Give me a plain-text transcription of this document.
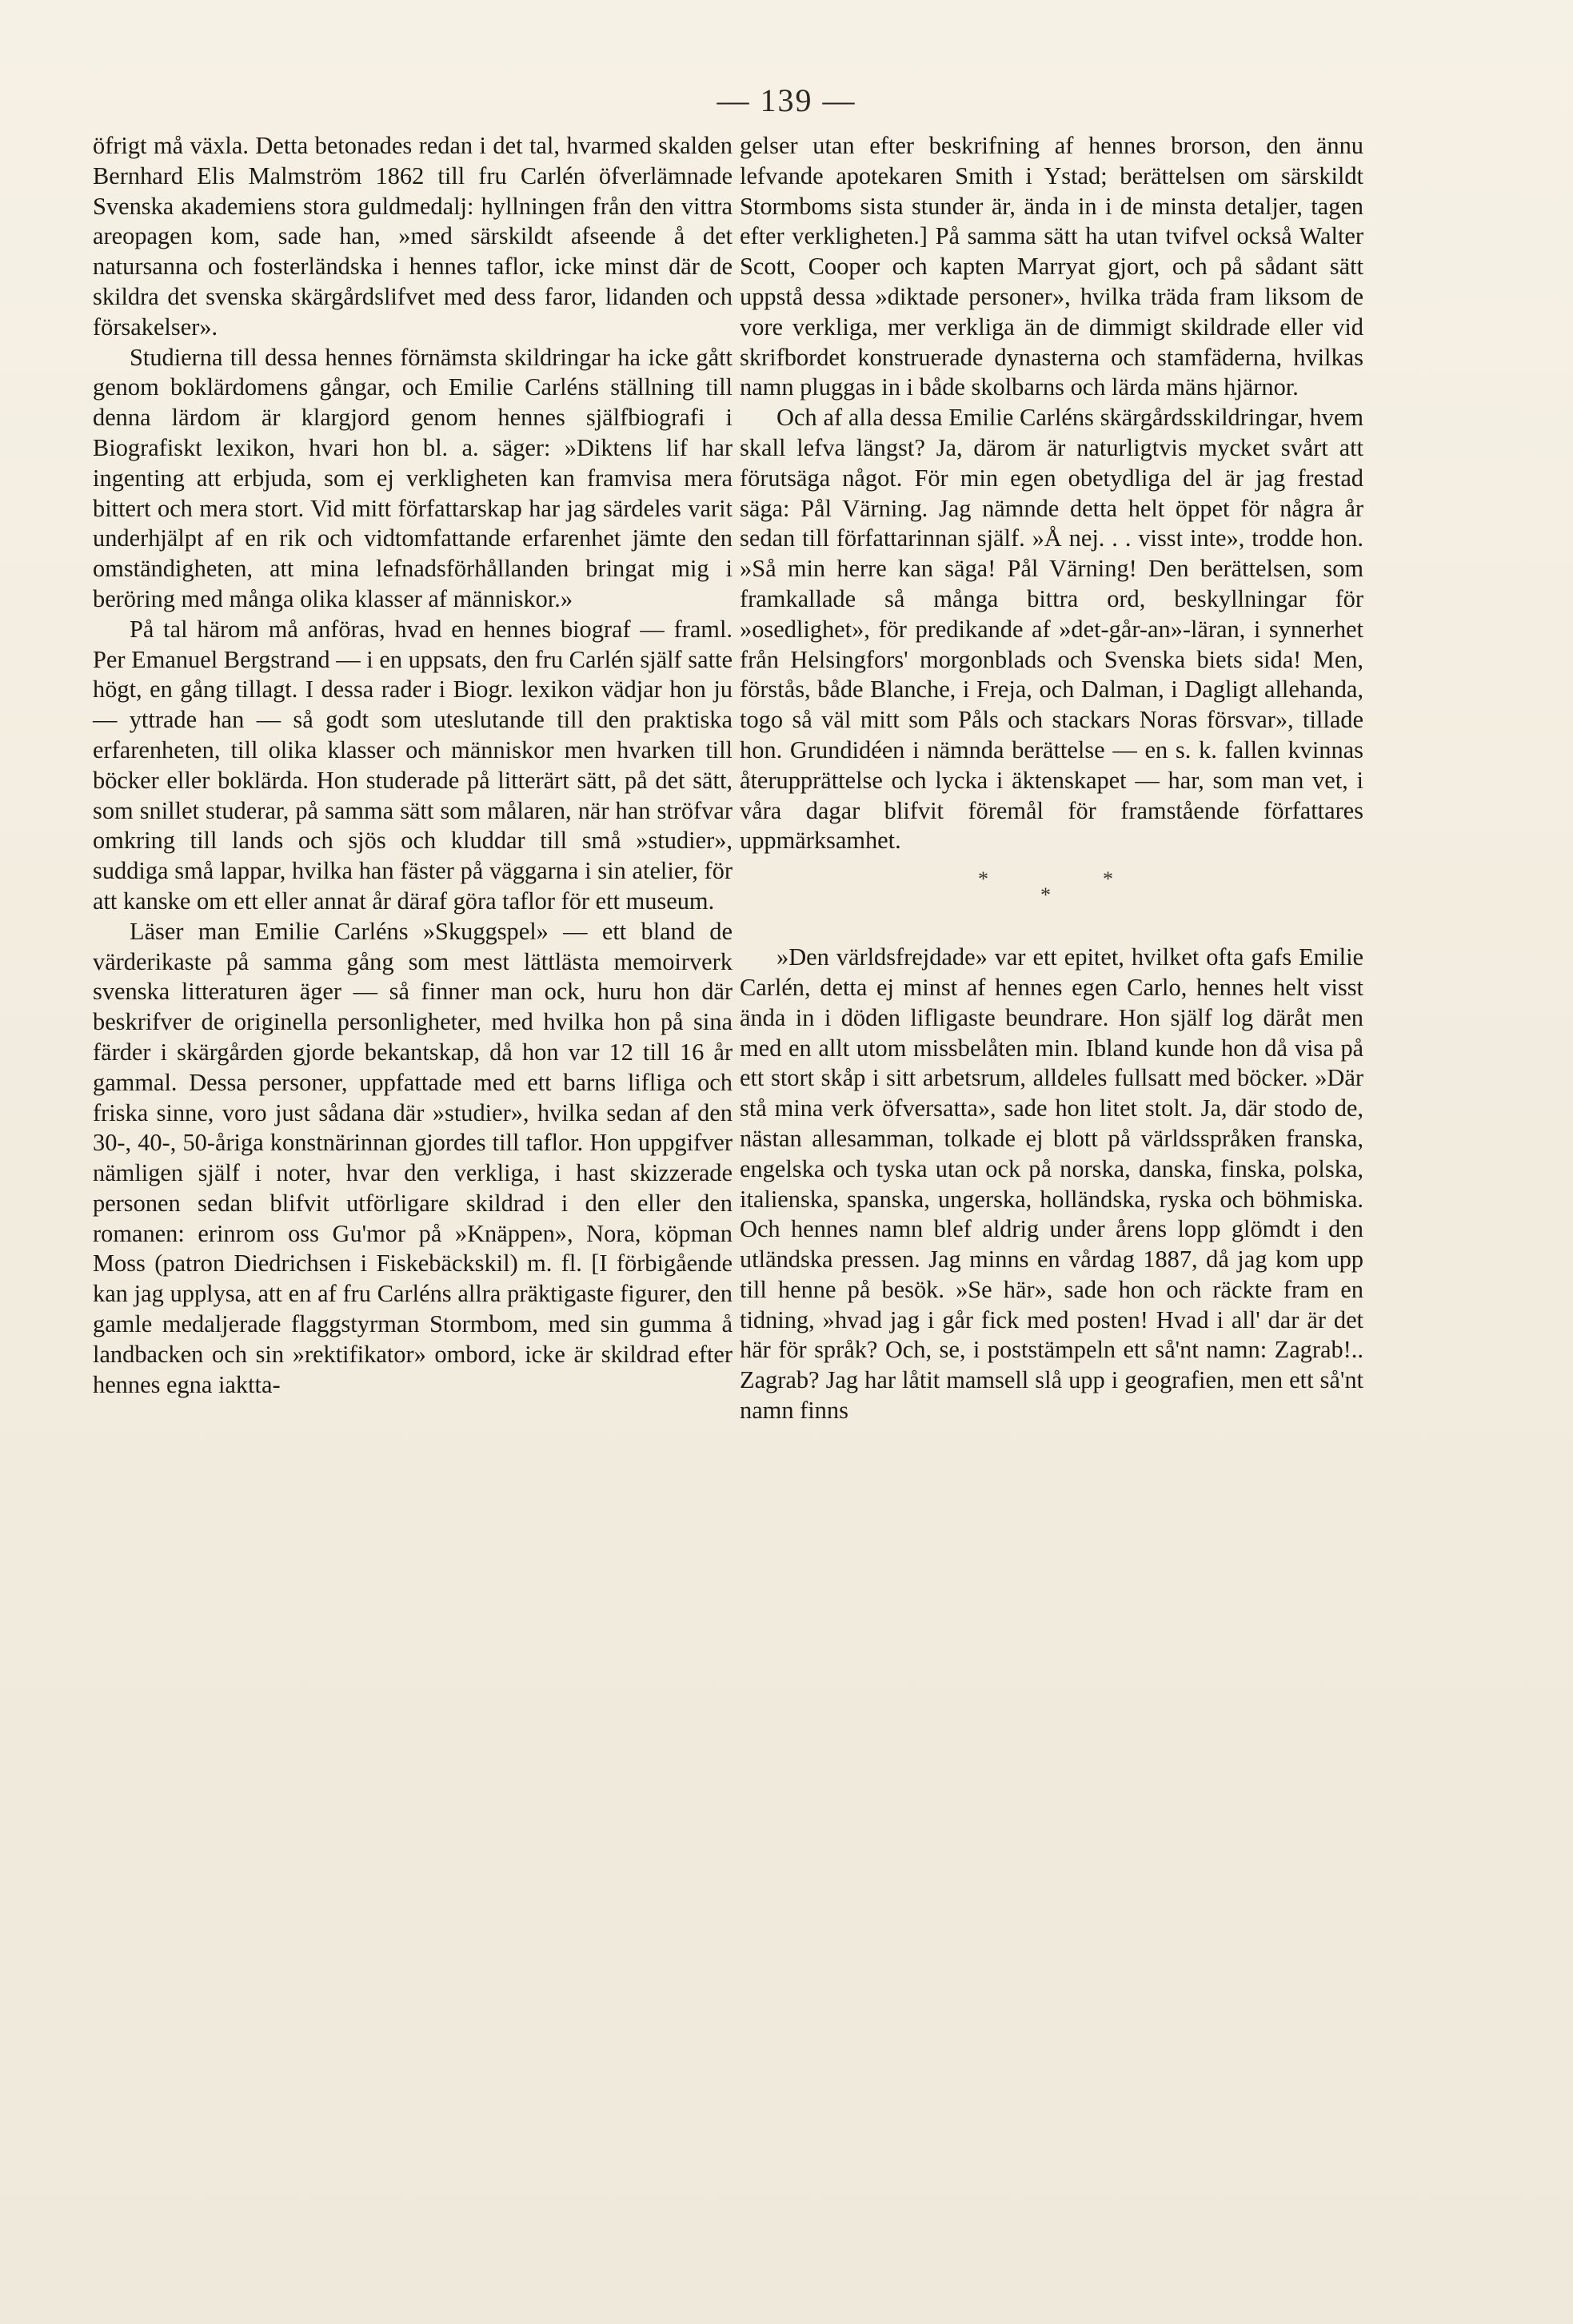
— 139 —

öfrigt må växla. Detta betonades redan i det tal, hvarmed skalden Bernhard Elis Malmström 1862 till fru Carlén öfverlämnade Svenska akademiens stora guldmedalj: hyllningen från den vittra areopagen kom, sade han, »med särskildt afseende å det natursanna och fosterländska i hennes taflor, icke minst där de skildra det svenska skärgårdslifvet med dess faror, lidanden och försakelser».

Studierna till dessa hennes förnämsta skildringar ha icke gått genom boklärdomens gångar, och Emilie Carléns ställning till denna lärdom är klargjord genom hennes själfbiografi i Biografiskt lexikon, hvari hon bl. a. säger: »Diktens lif har ingenting att erbjuda, som ej verkligheten kan framvisa mera bittert och mera stort. Vid mitt författarskap har jag särdeles varit underhjälpt af en rik och vidtomfattande erfarenhet jämte den omständigheten, att mina lefnadsförhållanden bringat mig i beröring med många olika klasser af människor.»

På tal härom må anföras, hvad en hennes biograf — framl. Per Emanuel Bergstrand — i en uppsats, den fru Carlén själf satte högt, en gång tillagt. I dessa rader i Biogr. lexikon vädjar hon ju — yttrade han — så godt som uteslutande till den praktiska erfarenheten, till olika klasser och människor men hvarken till böcker eller boklärda. Hon studerade på litterärt sätt, på det sätt, som snillet studerar, på samma sätt som målaren, när han ströfvar omkring till lands och sjös och kluddar till små »studier», suddiga små lappar, hvilka han fäster på väggarna i sin atelier, för att kanske om ett eller annat år däraf göra taflor för ett museum.

Läser man Emilie Carléns »Skuggspel» — ett bland de värderikaste på samma gång som mest lättlästa memoirverk svenska litteraturen äger — så finner man ock, huru hon där beskrifver de originella personligheter, med hvilka hon på sina färder i skärgården gjorde bekantskap, då hon var 12 till 16 år gammal. Dessa personer, uppfattade med ett barns lifliga och friska sinne, voro just sådana där »studier», hvilka sedan af den 30-, 40-, 50-åriga konstnärinnan gjordes till taflor. Hon uppgifver nämligen själf i noter, hvar den verkliga, i hast skizzerade personen sedan blifvit utförligare skildrad i den eller den romanen: erinrom oss Gu'mor på »Knäppen», Nora, köpman Moss (patron Diedrichsen i Fiskebäckskil) m. fl. [I förbigående kan jag upplysa, att en af fru Carléns allra präktigaste figurer, den gamle medaljerade flaggstyrman Stormbom, med sin gumma å landbacken och sin »rektifikator» ombord, icke är skildrad efter hennes egna iaktta-

gelser utan efter beskrifning af hennes brorson, den ännu lefvande apotekaren Smith i Ystad; berättelsen om särskildt Stormboms sista stunder är, ända in i de minsta detaljer, tagen efter verkligheten.] På samma sätt ha utan tvifvel också Walter Scott, Cooper och kapten Marryat gjort, och på sådant sätt uppstå dessa »diktade personer», hvilka träda fram liksom de vore verkliga, mer verkliga än de dimmigt skildrade eller vid skrifbordet konstruerade dynasterna och stamfäderna, hvilkas namn pluggas in i både skolbarns och lärda mäns hjärnor.

Och af alla dessa Emilie Carléns skärgårdsskildringar, hvem skall lefva längst? Ja, därom är naturligtvis mycket svårt att förutsäga något. För min egen obetydliga del är jag frestad säga: Pål Värning. Jag nämnde detta helt öppet för några år sedan till författarinnan själf. »Å nej. . . visst inte», trodde hon. »Så min herre kan säga! Pål Värning! Den berättelsen, som framkallade så många bittra ord, beskyllningar för »osedlighet», för predikande af »det-går-an»-läran, i synnerhet från Helsingfors' morgonblads och Svenska biets sida! Men, förstås, både Blanche, i Freja, och Dalman, i Dagligt allehanda, togo så väl mitt som Påls och stackars Noras försvar», tillade hon. Grundidéen i nämnda berättelse — en s. k. fallen kvinnas återupprättelse och lycka i äktenskapet — har, som man vet, i våra dagar blifvit föremål för framstående författares uppmärksamhet.

*
*
*

»Den världsfrejdade» var ett epitet, hvilket ofta gafs Emilie Carlén, detta ej minst af hennes egen Carlo, hennes helt visst ända in i döden lifligaste beundrare. Hon själf log däråt men med en allt utom missbelåten min. Ibland kunde hon då visa på ett stort skåp i sitt arbetsrum, alldeles fullsatt med böcker. »Där stå mina verk öfversatta», sade hon litet stolt. Ja, där stodo de, nästan allesamman, tolkade ej blott på världsspråken franska, engelska och tyska utan ock på norska, danska, finska, polska, italienska, spanska, ungerska, holländska, ryska och böhmiska. Och hennes namn blef aldrig under årens lopp glömdt i den utländska pressen. Jag minns en vårdag 1887, då jag kom upp till henne på besök. »Se här», sade hon och räckte fram en tidning, »hvad jag i går fick med posten! Hvad i all' dar är det här för språk? Och, se, i poststämpeln ett så'nt namn: Zagrab!.. Zagrab? Jag har låtit mamsell slå upp i geografien, men ett så'nt namn finns
